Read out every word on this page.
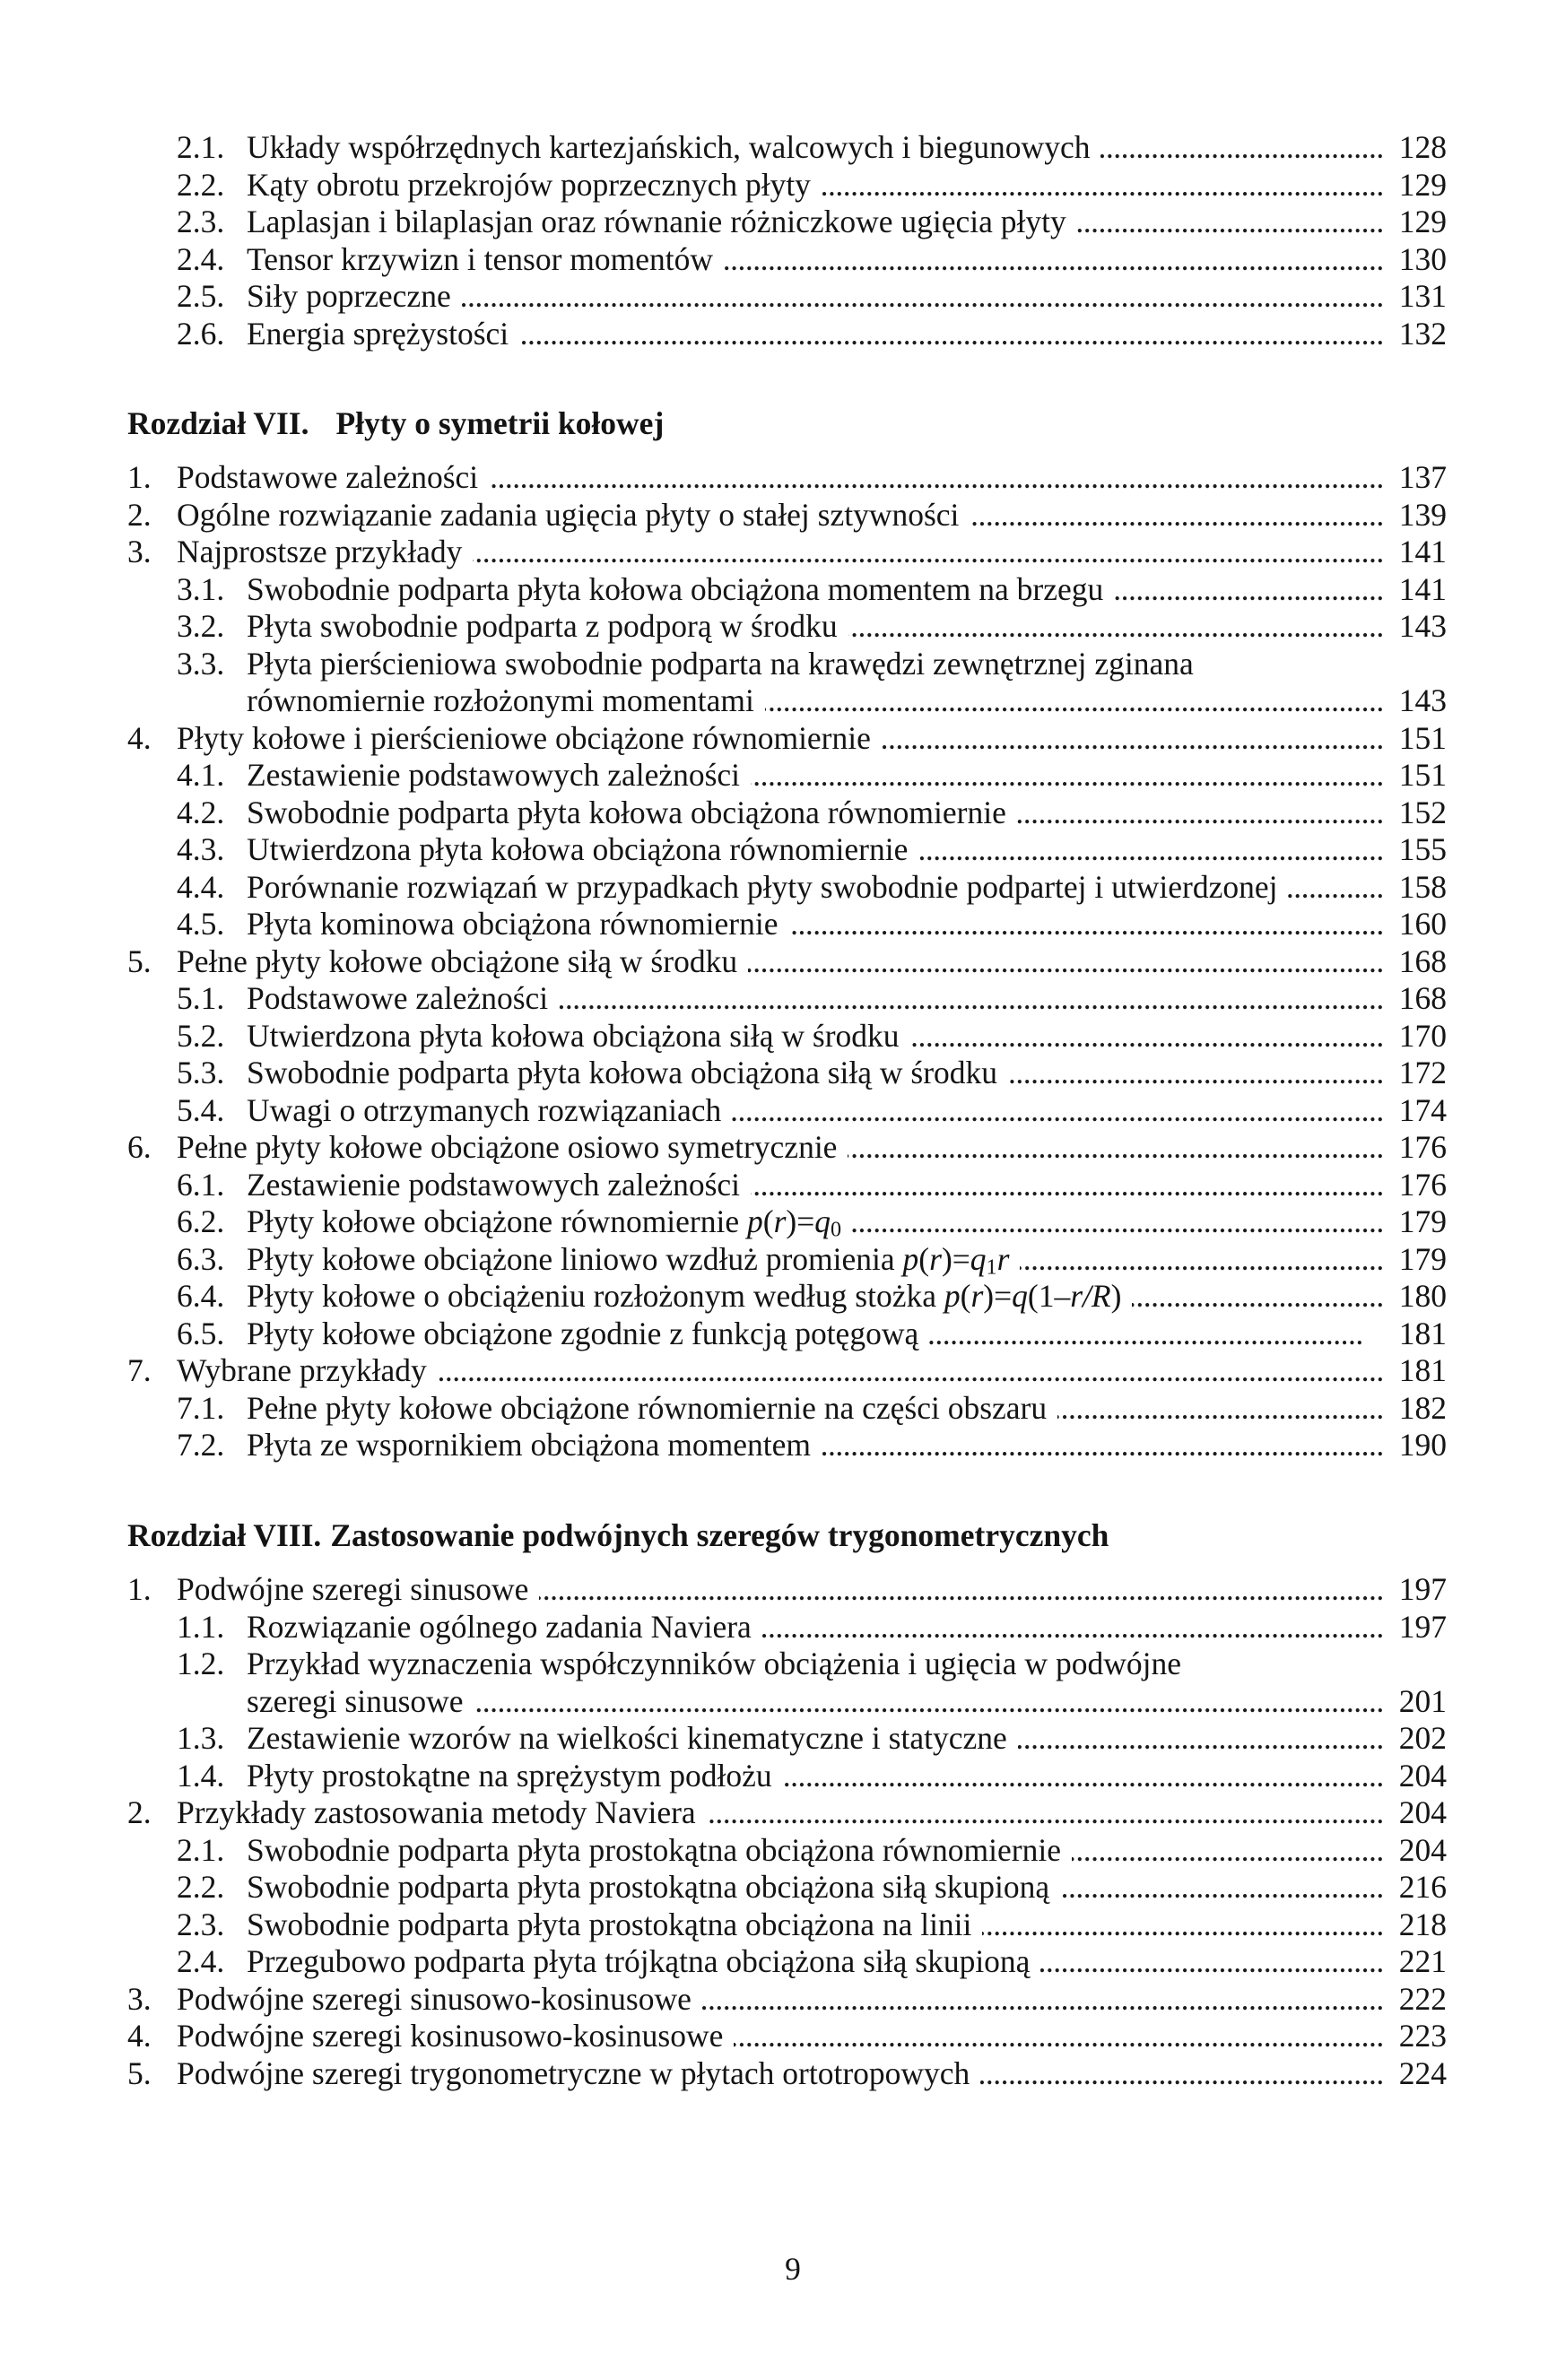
2.1. Układy współrzędnych kartezjańskich, walcowych i biegunowych .....	128
2.2. Kąty obrotu przekrojów poprzecznych płyty .....	129
2.3. Laplasjan i bilaplasjan oraz równanie różniczkowe ugięcia płyty .....	129
2.4. Tensor krzywizn i tensor momentów .....	130
2.5. Siły poprzeczne .....	131
2.6. Energia sprężystości .....	132
Rozdział VII. Płyty o symetrii kołowej
1. Podstawowe zależności .....	137
2. Ogólne rozwiązanie zadania ugięcia płyty o stałej sztywności .....	139
3. Najprostsze przykłady .....	141
3.1. Swobodnie podparta płyta kołowa obciążona momentem na brzegu .....	141
3.2. Płyta swobodnie podparta z podporą w środku .....	143
3.3. Płyta pierścieniowa swobodnie podparta na krawędzi zewnętrznej zginana
równomiernie rozłożonymi momentami .....	143
4. Płyty kołowe i pierścieniowe obciążone równomiernie .....	151
4.1. Zestawienie podstawowych zależności .....	151
4.2. Swobodnie podparta płyta kołowa obciążona równomiernie .....	152
4.3. Utwierdzona płyta kołowa obciążona równomiernie .....	155
4.4. Porównanie rozwiązań w przypadkach płyty swobodnie podpartej i utwierdzonej .....	158
4.5. Płyta kominowa obciążona równomiernie .....	160
5. Pełne płyty kołowe obciążone siłą w środku .....	168
5.1. Podstawowe zależności .....	168
5.2. Utwierdzona płyta kołowa obciążona siłą w środku .....	170
5.3. Swobodnie podparta płyta kołowa obciążona siłą w środku .....	172
5.4. Uwagi o otrzymanych rozwiązaniach .....	174
6. Pełne płyty kołowe obciążone osiowo symetrycznie .....	176
6.1. Zestawienie podstawowych zależności .....	176
6.2. Płyty kołowe obciążone równomiernie $p(r)=q_0$ .....	179
6.3. Płyty kołowe obciążone liniowo wzdłuż promienia $p(r)=q_1r$ .....	179
6.4. Płyty kołowe o obciążeniu rozłożonym według stożka p(r)=q(1–r/R) .....	180
6.5. Płyty kołowe obciążone zgodnie z funkcją potęgową .....	181
7. Wybrane przykłady .....	181
7.1. Pełne płyty kołowe obciążone równomiernie na części obszaru .....	182
7.2. Płyta ze wspornikiem obciążona momentem .....	190
Rozdział VIII. Zastosowanie podwójnych szeregów trygonometrycznych
1. Podwójne szeregi sinusowe .....	197
1.1. Rozwiązanie ogólnego zadania Naviera .....	197
1.2. Przykład wyznaczenia współczynników obciążenia i ugięcia w podwójne
szeregi sinusowe .....	201
1.3. Zestawienie wzorów na wielkości kinematyczne i statyczne .....	202
1.4. Płyty prostokątne na sprężystym podłożu .....	204
2. Przykłady zastosowania metody Naviera .....	204
2.1. Swobodnie podparta płyta prostokątna obciążona równomiernie .....	204
2.2. Swobodnie podparta płyta prostokątna obciążona siłą skupioną .....	216
2.3. Swobodnie podparta płyta prostokątna obciążona na linii .....	218
2.4. Przegubowo podparta płyta trójkątna obciążona siłą skupioną .....	221
3. Podwójne szeregi sinusowo-kosinusowe .....	222
4. Podwójne szeregi kosinusowo-kosinusowe .....	223
5. Podwójne szeregi trygonometryczne w płytach ortotropowych .....	224
9
